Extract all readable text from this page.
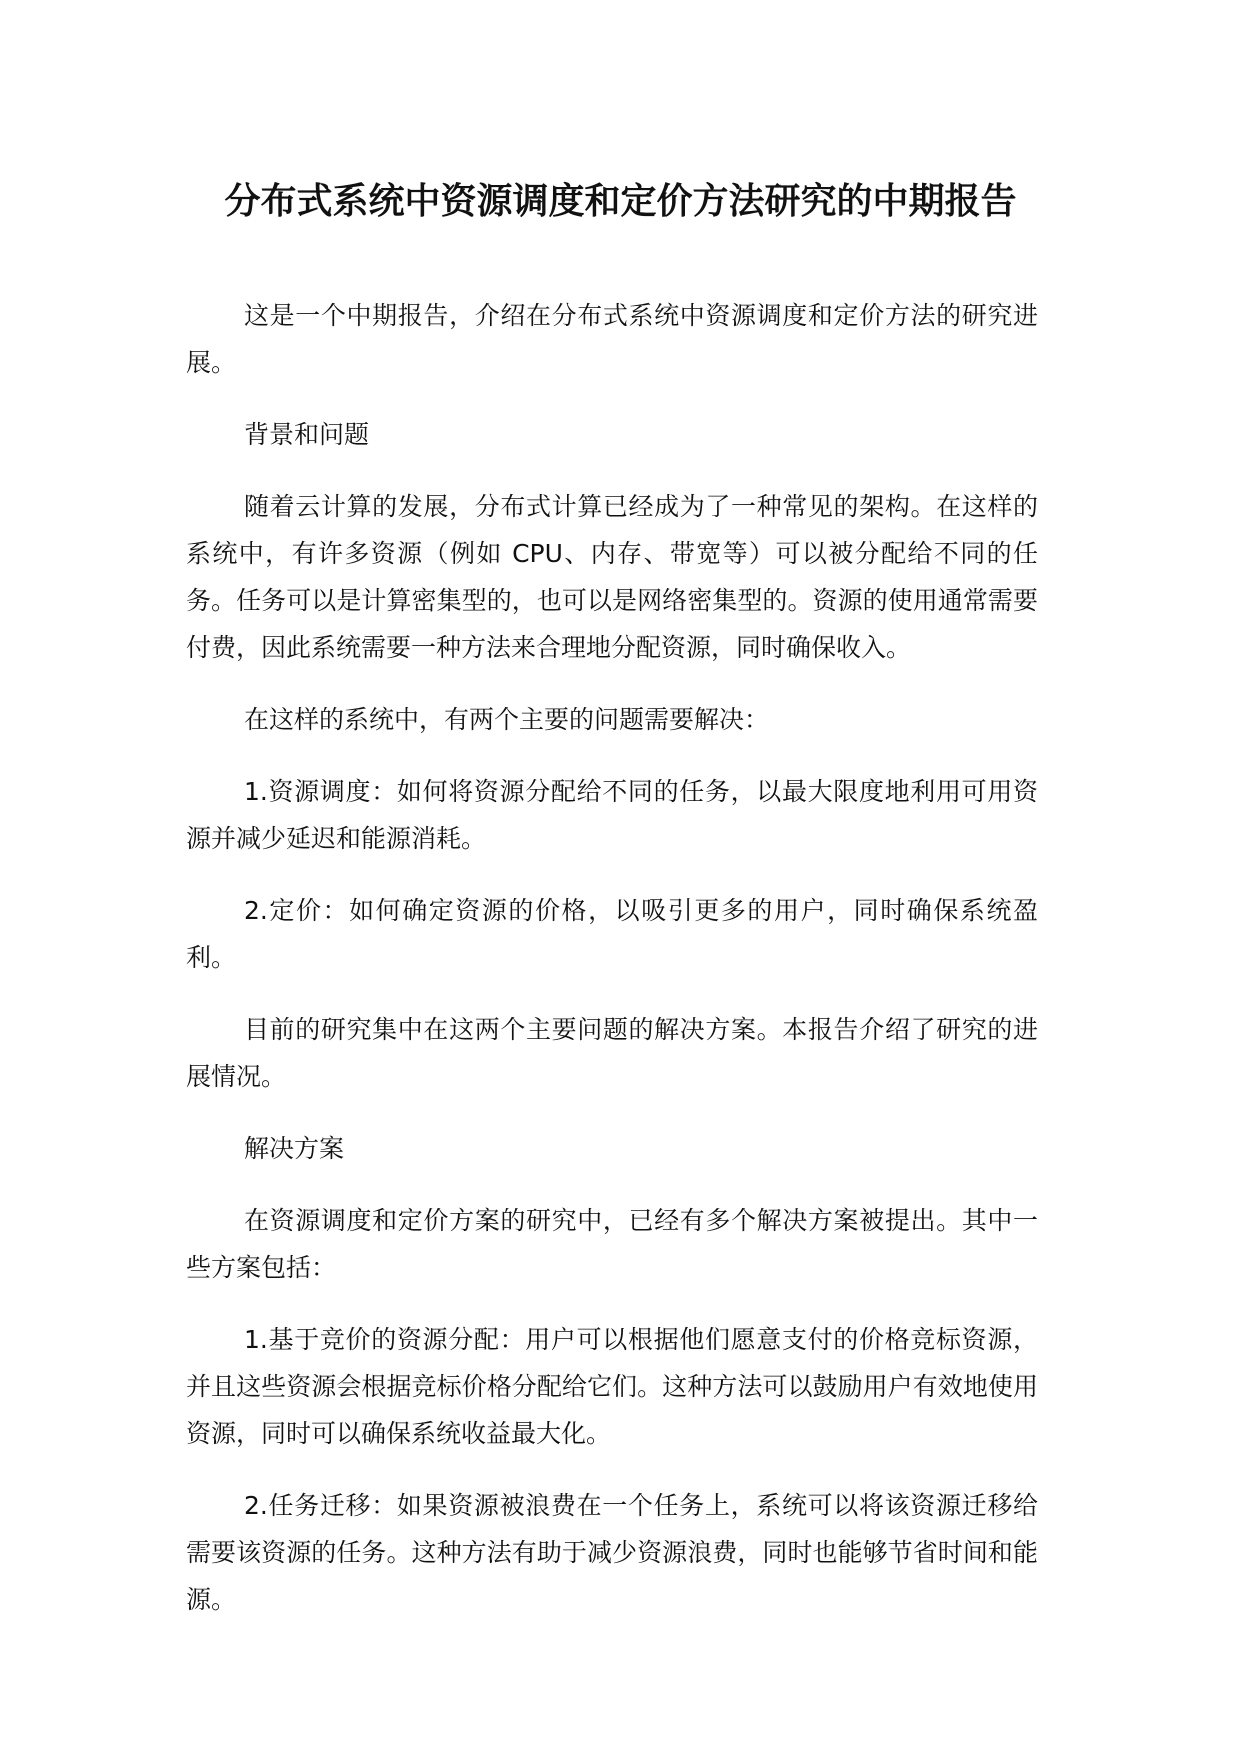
分布式系统中资源调度和定价方法研究的中期报告

这是一个中期报告，介绍在分布式系统中资源调度和定价方法的研究进展。

背景和问题

随着云计算的发展，分布式计算已经成为了一种常见的架构。在这样的系统中，有许多资源（例如 CPU、内存、带宽等）可以被分配给不同的任务。任务可以是计算密集型的，也可以是网络密集型的。资源的使用通常需要付费，因此系统需要一种方法来合理地分配资源，同时确保收入。

在这样的系统中，有两个主要的问题需要解决：

1.资源调度：如何将资源分配给不同的任务，以最大限度地利用可用资源并减少延迟和能源消耗。

2.定价：如何确定资源的价格，以吸引更多的用户，同时确保系统盈利。

目前的研究集中在这两个主要问题的解决方案。本报告介绍了研究的进展情况。

解决方案

在资源调度和定价方案的研究中，已经有多个解决方案被提出。其中一些方案包括：

1.基于竞价的资源分配：用户可以根据他们愿意支付的价格竞标资源，并且这些资源会根据竞标价格分配给它们。这种方法可以鼓励用户有效地使用资源，同时可以确保系统收益最大化。

2.任务迁移：如果资源被浪费在一个任务上，系统可以将该资源迁移给需要该资源的任务。这种方法有助于减少资源浪费，同时也能够节省时间和能源。
